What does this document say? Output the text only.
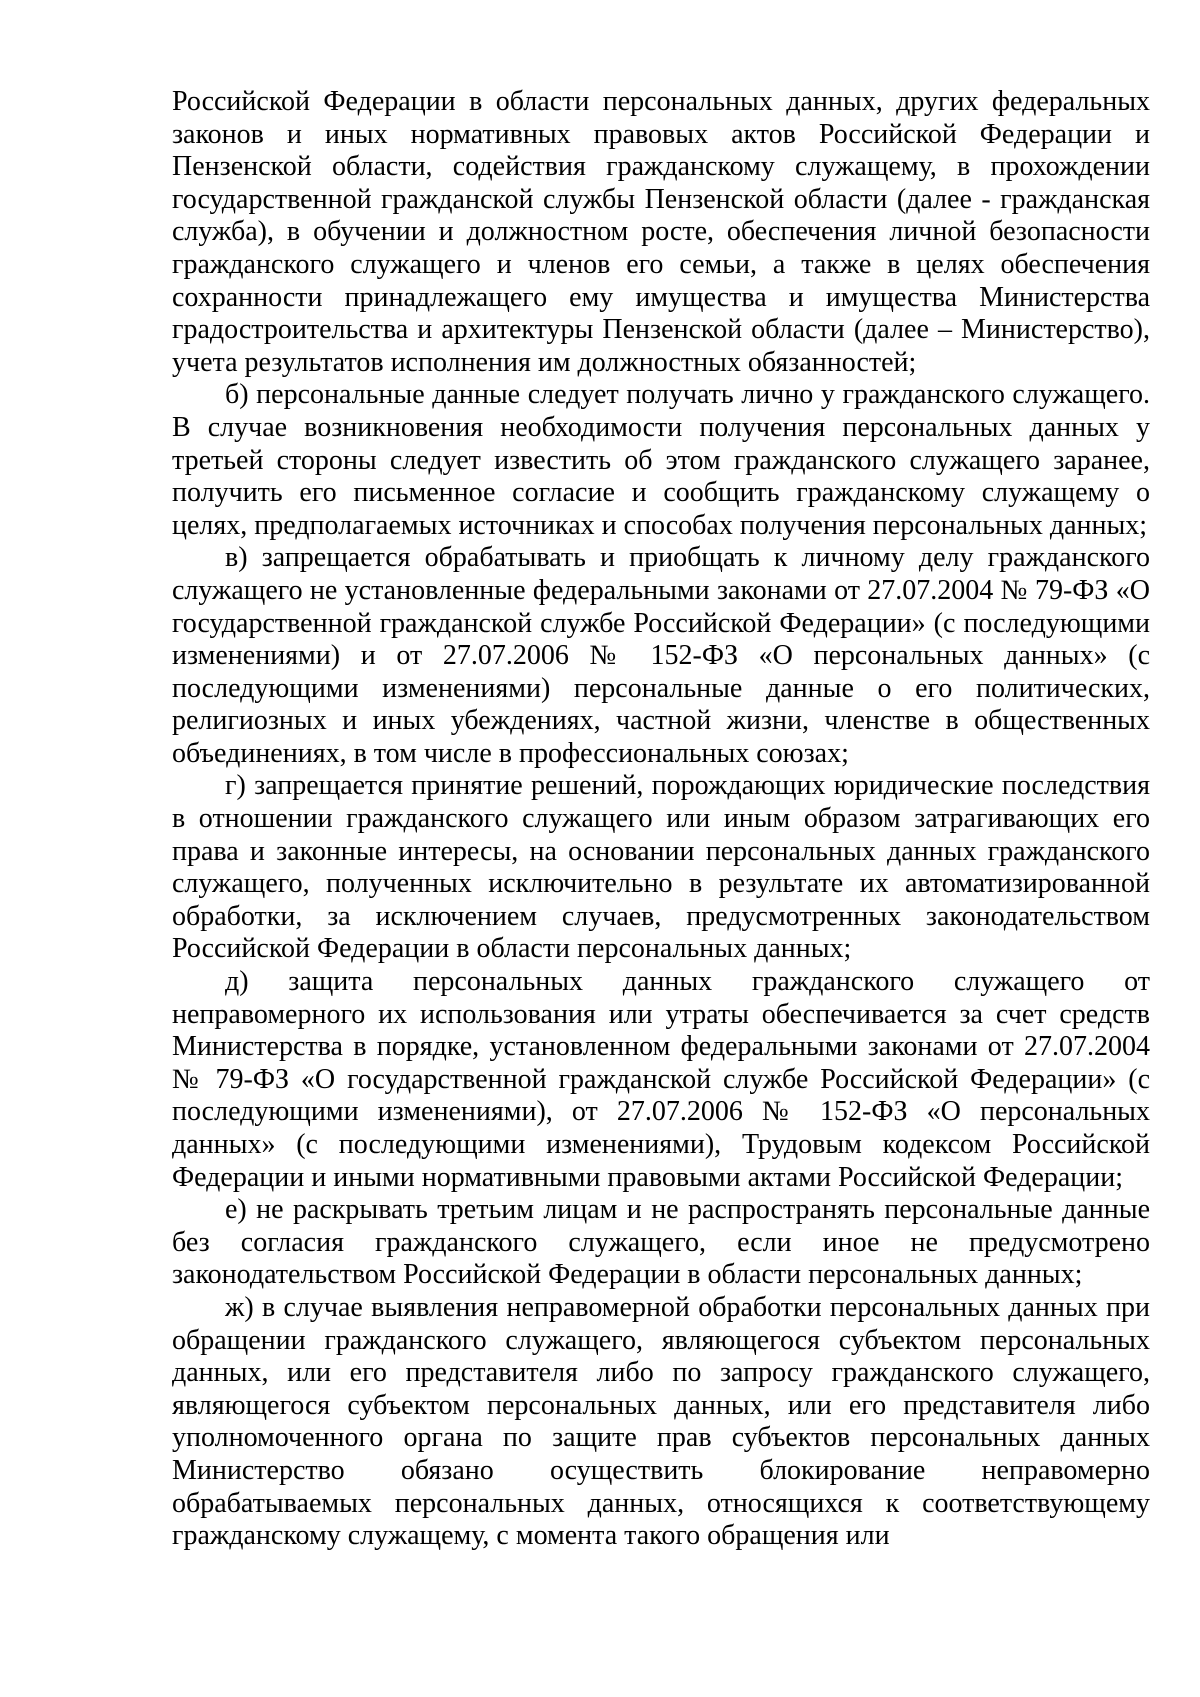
Российской Федерации в области персональных данных, других федеральных законов и иных нормативных правовых актов Российской Федерации и Пензенской области, содействия гражданскому служащему, в прохождении государственной гражданской службы Пензенской области (далее - гражданская служба), в обучении и должностном росте, обеспечения личной безопасности гражданского служащего и членов его семьи, а также в целях обеспечения сохранности принадлежащего ему имущества и имущества Министерства градостроительства и архитектуры Пензенской области (далее – Министерство), учета результатов исполнения им должностных обязанностей;

б) персональные данные следует получать лично у гражданского служащего. В случае возникновения необходимости получения персональных данных у третьей стороны следует известить об этом гражданского служащего заранее, получить его письменное согласие и сообщить гражданскому служащему о целях, предполагаемых источниках и способах получения персональных данных;

в) запрещается обрабатывать и приобщать к личному делу гражданского служащего не установленные федеральными законами от 27.07.2004 № 79-ФЗ «О государственной гражданской службе Российской Федерации» (с последующими изменениями) и от 27.07.2006 № 152-ФЗ «О персональных данных» (с последующими изменениями) персональные данные о его политических, религиозных и иных убеждениях, частной жизни, членстве в общественных объединениях, в том числе в профессиональных союзах;

г) запрещается принятие решений, порождающих юридические последствия в отношении гражданского служащего или иным образом затрагивающих его права и законные интересы, на основании персональных данных гражданского служащего, полученных исключительно в результате их автоматизированной обработки, за исключением случаев, предусмотренных законодательством Российской Федерации в области персональных данных;

д) защита персональных данных гражданского служащего от неправомерного их использования или утраты обеспечивается за счет средств Министерства в порядке, установленном федеральными законами от 27.07.2004 № 79-ФЗ «О государственной гражданской службе Российской Федерации» (с последующими изменениями), от 27.07.2006 № 152-ФЗ «О персональных данных» (с последующими изменениями), Трудовым кодексом Российской Федерации и иными нормативными правовыми актами Российской Федерации;

е) не раскрывать третьим лицам и не распространять персональные данные без согласия гражданского служащего, если иное не предусмотрено законодательством Российской Федерации в области персональных данных;

ж) в случае выявления неправомерной обработки персональных данных при обращении гражданского служащего, являющегося субъектом персональных данных, или его представителя либо по запросу гражданского служащего, являющегося субъектом персональных данных, или его представителя либо уполномоченного органа по защите прав субъектов персональных данных Министерство обязано осуществить блокирование неправомерно обрабатываемых персональных данных, относящихся к соответствующему гражданскому служащему, с момента такого обращения или
